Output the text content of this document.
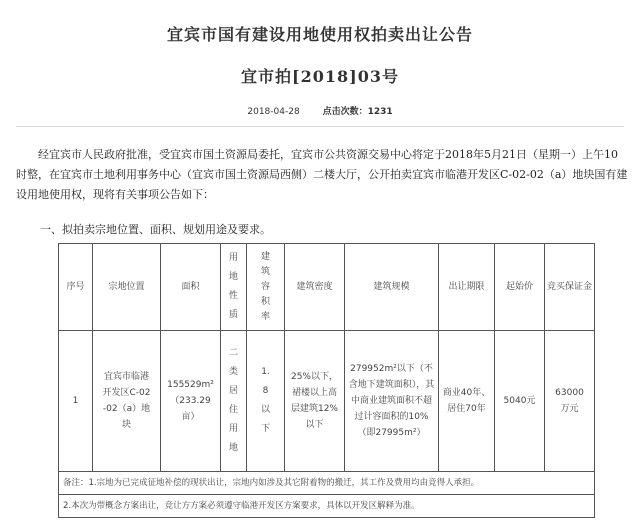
宜宾市国有建设用地使用权拍卖出让公告
宜市拍[2018]03号
2018-04-28	点击次数：1231
经宜宾市人民政府批准，受宜宾市国土资源局委托，宜宾市公共资源交易中心将定于2018年5月21日（星期一）上午10时整，在宜宾市土地利用事务中心（宜宾市国土资源局西侧）二楼大厅，公开拍卖宜宾市临港开发区C-02-02（a）地块国有建设用地使用权，现将有关事项公告如下：
一、拟拍卖宗地位置、面积、规划用途及要求。
序号	宗地位置	面积	用地性质	建筑容积率	建筑密度	建筑规模	出让期限	起始价	竞买保证金
1	宜宾市临港开发区C-02-02（a）地块	155529m²（233.29亩）	二类居住用地	1.8以下	25%以下，裙楼以上高层建筑12%以下	279952m²以下（不含地下建筑面积），其中商业建筑面积不超过计容面积的10%（即27995m²）	商业40年、居住70年	5040元	63000万元

备注：1.宗地为已完成征地补偿的现状出让，宗地内如涉及其它附着物的搬迁，其工作及费用均由竞得人承担。									
2.本次为带概念方案出让，竞让方方案必须遵守临港开发区方案要求，具体以开发区解释为准。									
